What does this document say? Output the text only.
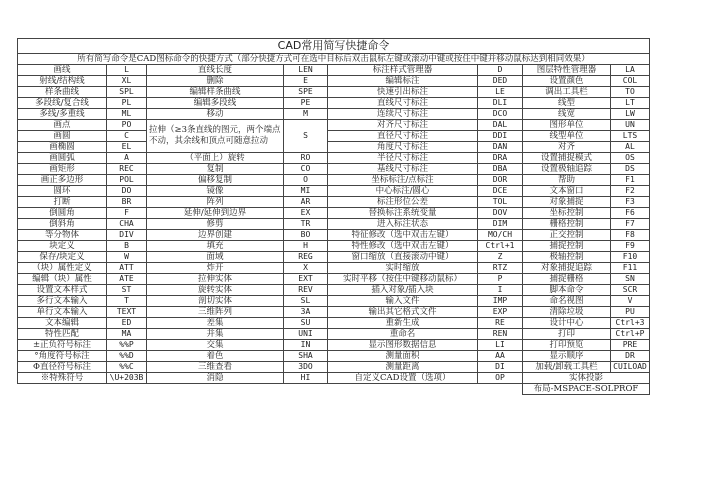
CAD常用简写快捷命令							
所有简写命令是CAD图标命令的快捷方式（部分快捷方式可在选中目标后双击鼠标左键或滚动中键或按住中键并移动鼠标达到相同效果）							
画线	L	直线长度	LEN	标注样式管理器	D	图层特性管理器	LA
射线/结构线	XL	删除	E	编辑标注	DED	设置颜色	COL
样条曲线	SPL	编辑样条曲线	SPE	快速引出标注	LE	调出工具栏	TO
多段线/复合线	PL	编辑多段线	PE	直线尺寸标注	DLI	线型	LT
多线/多重线	ML	移动	M	连续尺寸标注	DCO	线宽	LW
画点	PO	拉伸（≥3条直线的图元，两个端点不动，其余线和顶点可随意拉动	S	对齐尺寸标注	DAL	图形单位	UN
画圆	C			直径尺寸标注	DDI	线型单位	LTS
画椭圆	EL			角度尺寸标注	DAN	对齐	AL
画圆弧	A	（平面上）旋转	RO	半径尺寸标注	DRA	设置捕捉模式	OS
画矩形	REC	复制	CO	基线尺寸标注	DBA	设置极轴追踪	DS
画正多边形	POL	偏移复制	O	坐标标注/点标注	DOR	帮助	F1
圆环	DO	镜像	MI	中心标注/圆心	DCE	文本窗口	F2
打断	BR	阵列	AR	标注形位公差	TOL	对象捕捉	F3
倒圆角	F	延伸/延伸到边界	EX	替换标注系统变量	DOV	坐标控制	F6
倒斜角	CHA	修剪	TR	进入标注状态	DIM	栅格控制	F7
等分物体	DIV	边界创建	BO	特征修改（选中双击左键）	MO/CH	正交控制	F8
块定义	B	填充	H	特性修改（选中双击左键）	Ctrl+1	捕捉控制	F9
保存/块定义	W	面域	REG	窗口缩放（直接滚动中键）	Z	极轴控制	F10
（块）属性定义	ATT	炸开	X	实时缩放	RTZ	对象捕捉追踪	F11
编辑（块）属性	ATE	拉伸实体	EXT	实时平移（按住中键移动鼠标）	P	捕捉栅格	SN
设置文本样式	ST	旋转实体	REV	插入对象/插入块	I	脚本命令	SCR
多行文本输入	T	剖切实体	SL	输入文件	IMP	命名视图	V
单行文本输入	TEXT	三维阵列	3A	输出其它格式文件	EXP	清除垃圾	PU
文本编辑	ED	差集	SU	重新生成	RE	设计中心	Ctrl+3
特性匹配	MA	并集	UNI	重命名	REN	打印	Ctrl+P
±正负符号标注	%%P	交集	IN	显示图形数据信息	LI	打印预览	PRE
°角度符号标注	%%D	着色	SHA	测量面积	AA	显示顺序	DR
Φ直径符号标注	%%C	三维查看	3DO	测量距离	DI	加载/卸载工具栏	CUILOAD
※特殊符号	\U+203B	消隐	HI	自定义CAD设置（选项）	OP	实体投影	
						布局-MSPACE-SOLPROF	
